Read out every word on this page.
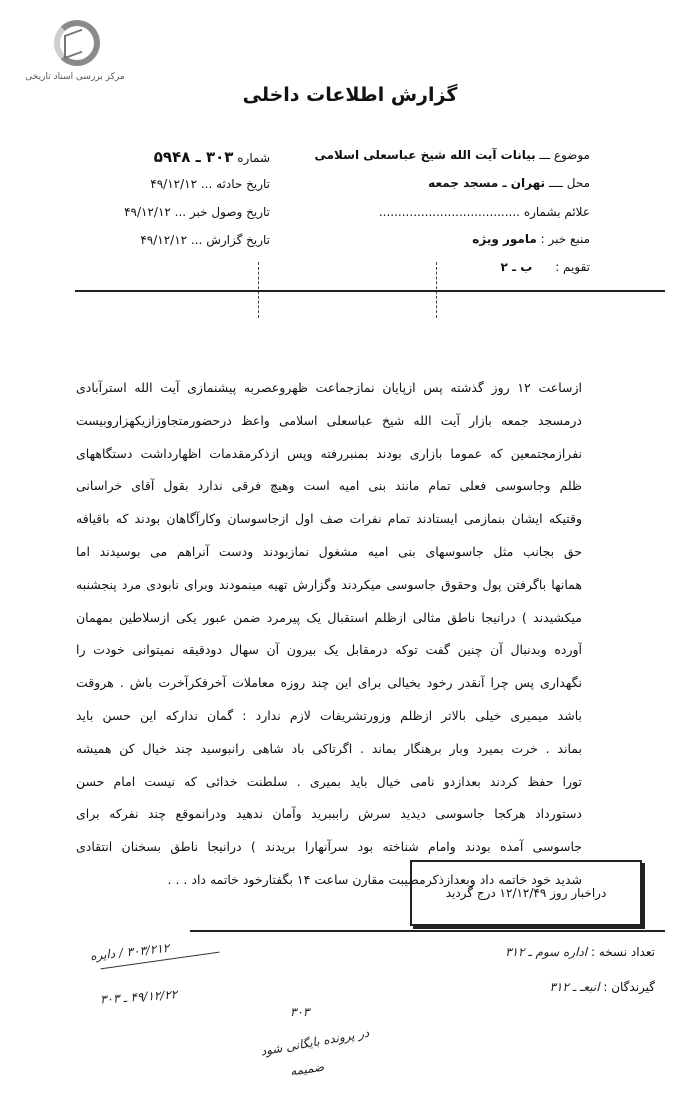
مرکز بررسی اسناد تاریخی
گزارش اطلاعات داخلی
موضوع ـــ بیانات آیت الله شیخ عباسعلی اسلامی
محل ــــ تهران ـ مسجد جمعه
علائم بشماره .....................................
منبع خبر : مامور ویژه
تقویم :      ب ـ ۲
شماره ۳۰۳ ـ ۵۹۴۸
تاریخ حادثه ... ۴۹/۱۲/۱۲
تاریخ وصول خبر ... ۴۹/۱۲/۱۲
تاریخ گزارش ... ۴۹/۱۲/۱۲
ازساعت ۱۲ روز گذشته پس ازپایان نمازجماعت ظهروعصربه پیشنمازی آیت الله استرآبادی
درمسجد جمعه بازار آیت الله شیخ عباسعلی اسلامی واعظ درحضورمتجاوزازیکهزاروبیست
نفرازمجتمعین که عموما بازاری بودند بمنبررفته وپس ازذکرمقدمات اظهارداشت دستگاههای
ظلم وجاسوسی فعلی تمام مانند بنی امیه است وهیچ فرقی ندارد بقول آقای خراسانی
وقتیکه ایشان بنمازمی ایستادند تمام نفرات صف اول ازجاسوسان وکارآگاهان بودند که باقیافه
حق بجانب مثل جاسوسهای بنی امیه مشغول نمازبودند ودست آنراهم می بوسیدند اما
همانها باگرفتن پول وحقوق جاسوسی میکردند وگزارش تهیه مینمودند وبرای نابودی مرد پنجشنبه
میکشیدند ) درانیجا ناطق مثالی ازظلم استقبال یک پیرمرد ضمن عبور یکی ازسلاطین بمهمان
آورده وبدنبال آن چنین گفت توکه درمقابل یک بیرون آن سهال دودقیقه نمیتوانی خودت را
نگهداری پس چرا آنقدر رخود بخیالی برای این چند روزه معاملات آخرفکرآخرت باش . هروقت
باشد میمیری خیلی بالاتر ازظلم وزورتشریفات لازم ندارد : گمان ندارکه این حسن باید
بماند . خرت بمیرد وبار برهنگار بماند . اگرتاکی باد شاهی رانبوسید چند خیال کن همیشه
تورا حفظ کردند بعدازدو نامی خیال باید بمیری . سلطنت خدائی که نیست امام حسن
دستورداد هرکجا جاسوسی دیدید سرش رابببرید وآمان ندهید ودرانموقع چند نفرکه برای
جاسوسی آمده بودند وامام شناخته بود سرآنهارا بریدند ) درانیجا ناطق بسخنان انتقادی
شدید خود خاتمه داد وبعدازذکرمصیبت مقارن ساعت ۱۴ بگفتارخود خاتمه داد . . .
دراخبار روز ۱۲/۱۲/۴۹ درج گردید
تعداد نسخه : اداره سوم ـ ۳۱۲
گیرندگان : انبعـ ـ ۳۱۲
۳۰۳/۲۱۲ / دایره
۴۹/۱۲/۲۲ ـ ۳۰۳
۳۰۳
در پرونده بایگانی شود
ضمیمه
